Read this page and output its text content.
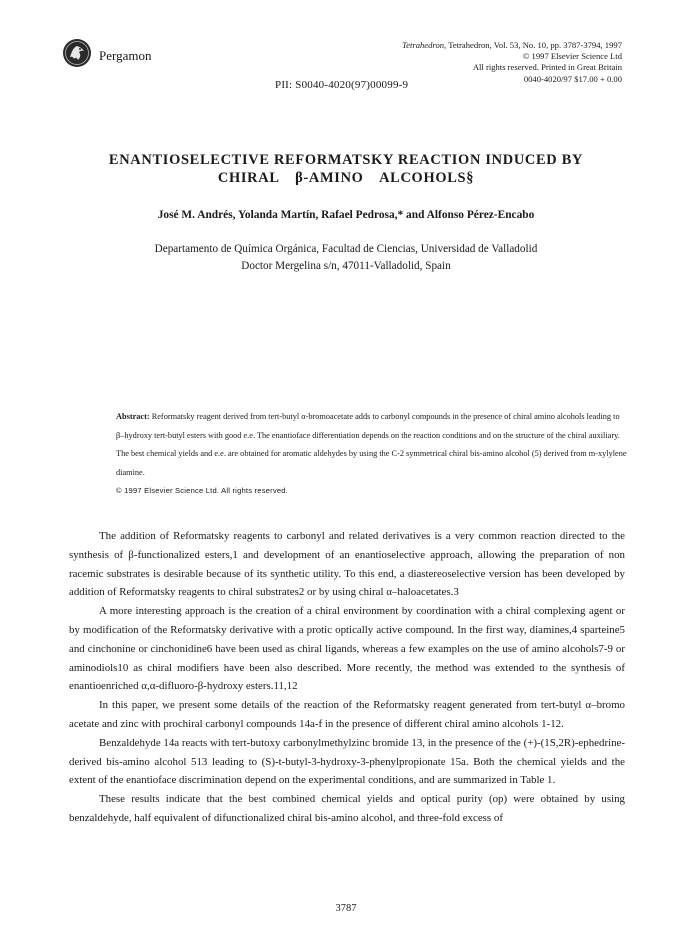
Pergamon
Tetrahedron, Tetrahedron, Vol. 53, No. 10, pp. 3787-3794, 1997
© 1997 Elsevier Science Ltd
All rights reserved. Printed in Great Britain
0040-4020/97 $17.00 + 0.00
PII: S0040-4020(97)00099-9
ENANTIOSELECTIVE REFORMATSKY REACTION INDUCED BY
CHIRAL β-AMINO ALCOHOLS§
José M. Andrés, Yolanda Martín, Rafael Pedrosa,* and Alfonso Pérez-Encabo
Departamento de Química Orgánica, Facultad de Ciencias, Universidad de Valladolid
Doctor Mergelina s/n, 47011-Valladolid, Spain
Abstract: Reformatsky reagent derived from tert-butyl α-bromoacetate adds to carbonyl compounds in the presence of chiral amino alcohols leading to β–hydroxy tert-butyl esters with good e.e. The enantioface differentiation depends on the reaction conditions and on the structure of the chiral auxiliary. The best chemical yields and e.e. are obtained for aromatic aldehydes by using the C-2 symmetrical chiral bis-amino alcohol (5) derived from m-xylylene diamine.
© 1997 Elsevier Science Ltd. All rights reserved.

The addition of Reformatsky reagents to carbonyl and related derivatives is a very common reaction directed to the synthesis of β-functionalized esters,1 and development of an enantioselective approach, allowing the preparation of non racemic substrates is desirable because of its synthetic utility. To this end, a diastereoselective version has been developed by addition of Reformatsky reagents to chiral substrates2 or by using chiral α–haloacetates.3

A more interesting approach is the creation of a chiral environment by coordination with a chiral complexing agent or by modification of the Reformatsky derivative with a protic optically active compound. In the first way, diamines,4 sparteine5 and cinchonine or cinchonidine6 have been used as chiral ligands, whereas a few examples on the use of amino alcohols7-9 or aminodiols10 as chiral modifiers have been also described. More recently, the method was extended to the synthesis of enantioenriched α,α-difluoro-β-hydroxy esters.11,12

In this paper, we present some details of the reaction of the Reformatsky reagent generated from tert-butyl α–bromo acetate and zinc with prochiral carbonyl compounds 14a-f in the presence of different chiral amino alcohols 1-12.

Benzaldehyde 14a reacts with tert-butoxy carbonylmethylzinc bromide 13, in the presence of the (+)-(1S,2R)-ephedrine-derived bis-amino alcohol 513 leading to (S)-t-butyl-3-hydroxy-3-phenylpropionate 15a. Both the chemical yields and the extent of the enantioface discrimination depend on the experimental conditions, and are summarized in Table 1.

These results indicate that the best combined chemical yields and optical purity (op) were obtained by using benzaldehyde, half equivalent of difunctionalized chiral bis-amino alcohol, and three-fold excess of

3787
